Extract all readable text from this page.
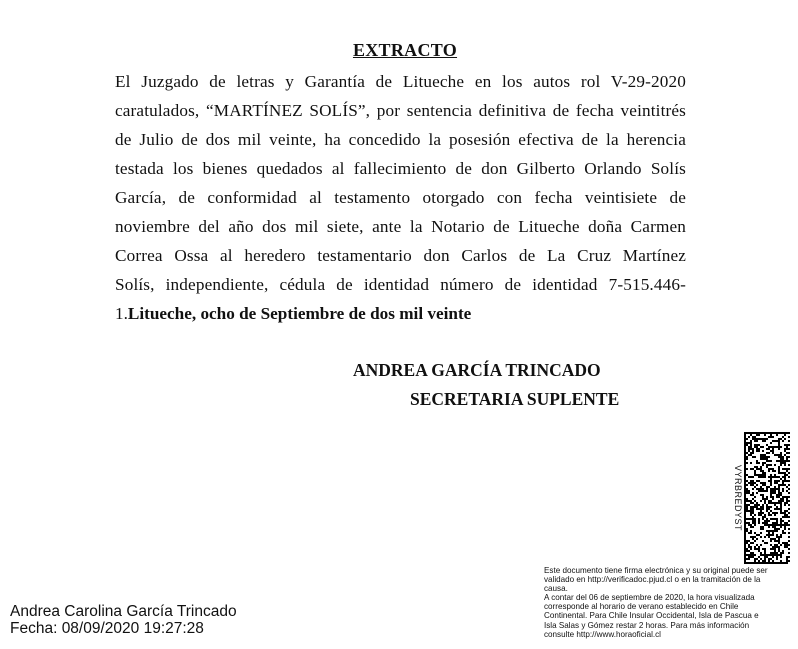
EXTRACTO
El Juzgado de letras y Garantía de Litueche en los autos rol V-29-2020
caratulados, “MARTÍNEZ SOLÍS”, por sentencia definitiva de fecha veintitrés
de Julio de dos mil veinte, ha concedido la posesión efectiva de la herencia
testada los bienes quedados al fallecimiento de don Gilberto Orlando Solís
García, de conformidad al testamento otorgado con fecha veintisiete de
noviembre del año dos mil siete, ante la Notario de Litueche doña Carmen
Correa Ossa al heredero testamentario don Carlos de La Cruz Martínez
Solís, independiente, cédula de identidad número de identidad 7-515.446-
1.Litueche, ocho de Septiembre de dos mil veinte
ANDREA GARCÍA TRINCADO
SECRETARIA SUPLENTE
VYRBREDYST
Este documento tiene firma electrónica y su original puede ser
validado en http://verificadoc.pjud.cl o en la tramitación de la
causa.
A contar del 06 de septiembre de 2020, la hora visualizada
corresponde al horario de verano establecido en Chile
Continental. Para Chile Insular Occidental, Isla de Pascua e
Isla Salas y Gómez restar 2 horas. Para más información
consulte http://www.horaoficial.cl
Andrea Carolina García Trincado
Fecha: 08/09/2020 19:27:28
